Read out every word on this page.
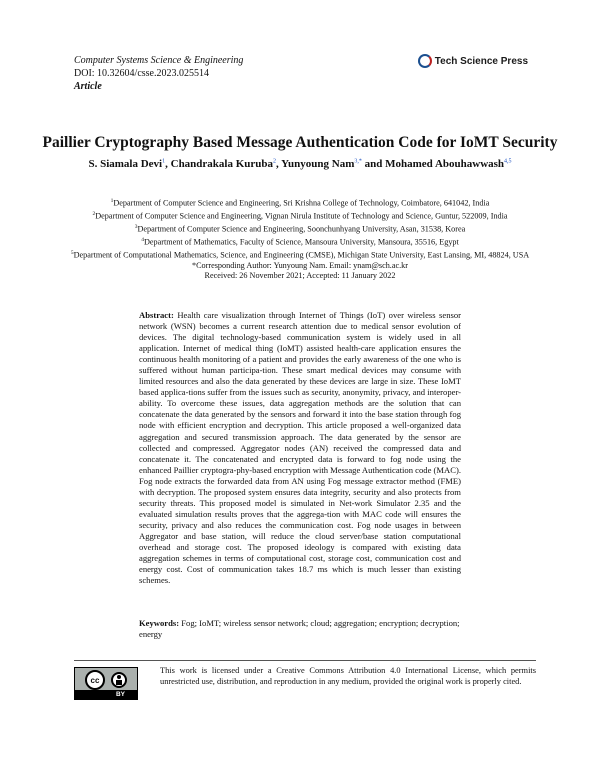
Computer Systems Science & Engineering
DOI: 10.32604/csse.2023.025514
Article
Tech Science Press
Paillier Cryptography Based Message Authentication Code for IoMT Security
S. Siamala Devi$^1$, Chandrakala Kuruba$^2$, Yunyoung Nam$^{3,*}$ and Mohamed Abouhawwash$^{4,5}$
$^1$Department of Computer Science and Engineering, Sri Krishna College of Technology, Coimbatore, 641042, India
$^2$Department of Computer Science and Engineering, Vignan Nirula Institute of Technology and Science, Guntur, 522009, India
$^3$Department of Computer Science and Engineering, Soonchunhyang University, Asan, 31538, Korea
$^4$Department of Mathematics, Faculty of Science, Mansoura University, Mansoura, 35516, Egypt
$^5$Department of Computational Mathematics, Science, and Engineering (CMSE), Michigan State University, East Lansing, MI, 48824, USA
*Corresponding Author: Yunyoung Nam. Email: ynam@sch.ac.kr
Received: 26 November 2021; Accepted: 11 January 2022
Abstract: Health care visualization through Internet of Things (IoT) over wireless sensor network (WSN) becomes a current research attention due to medical sensor evolution of devices. The digital technology-based communication system is widely used in all application. Internet of medical thing (IoMT) assisted health-care application ensures the continuous health monitoring of a patient and provides the early awareness of the one who is suffered without human participa-tion. These smart medical devices may consume with limited resources and also the data generated by these devices are large in size. These IoMT based applica-tions suffer from the issues such as security, anonymity, privacy, and interoper-ability. To overcome these issues, data aggregation methods are the solution that can concatenate the data generated by the sensors and forward it into the base station through fog node with efficient encryption and decryption. This article proposed a well-organized data aggregation and secured transmission approach. The data generated by the sensor are collected and compressed. Aggregator nodes (AN) received the compressed data and concatenate it. The concatenated and encrypted data is forward to fog node using the enhanced Paillier cryptogra-phy-based encryption with Message Authentication code (MAC). Fog node extracts the forwarded data from AN using Fog message extractor method (FME) with decryption. The proposed system ensures data integrity, security and also protects from security threats. This proposed model is simulated in Net-work Simulator 2.35 and the evaluated simulation results proves that the aggrega-tion with MAC code will ensures the security, privacy and also reduces the communication cost. Fog node usages in between Aggregator and base station, will reduce the cloud server/base station computational overhead and storage cost. The proposed ideology is compared with existing data aggregation schemes in terms of computational cost, storage cost, communication cost and energy cost. Cost of communication takes 18.7 ms which is much lesser than existing schemes.
Keywords: Fog; IoMT; wireless sensor network; cloud; aggregation; encryption; decryption; energy
cc
BY
This work is licensed under a Creative Commons Attribution 4.0 International License, which permits unrestricted use, distribution, and reproduction in any medium, provided the original work is properly cited.
